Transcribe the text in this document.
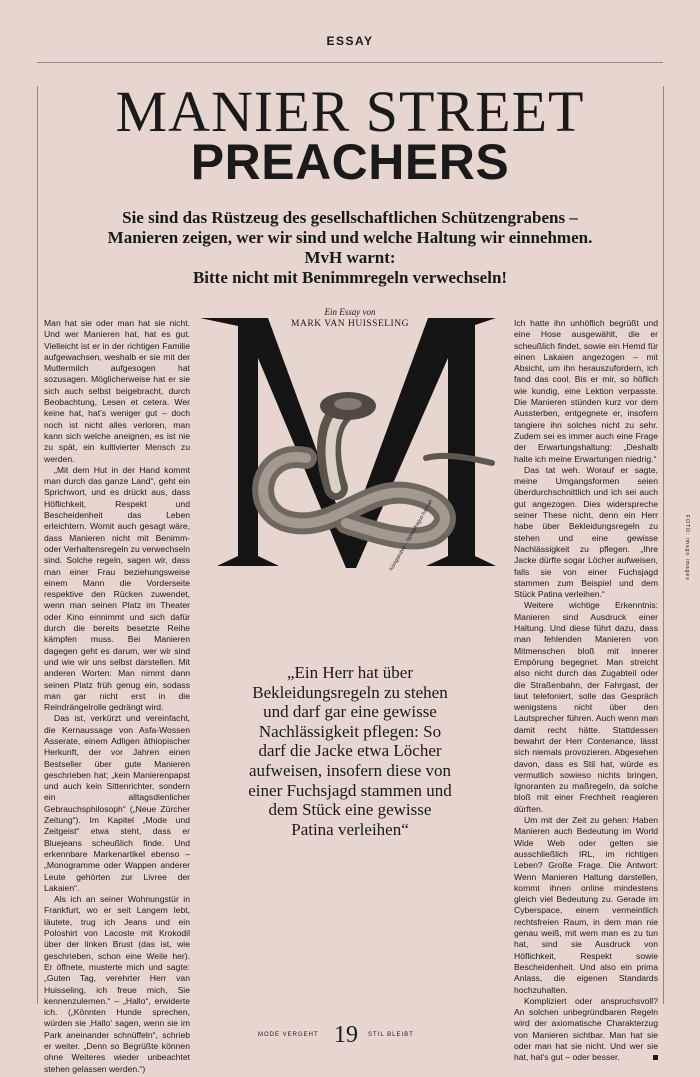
ESSAY
MANIER STREET
PREACHERS

Sie sind das Rüstzeug des gesellschaftlichen Schützengrabens –

Manieren zeigen, wer wir sind und welche Haltung wir einnehmen.

MvH warnt:

Bitte nicht mit Benimmregeln verwechseln!

Man hat sie oder man hat sie nicht. Und wer Manieren hat, hat es gut. Vielleicht ist er in der richtigen Familie aufgewachsen, weshalb er sie mit der Muttermilch aufgesogen hat sozusagen. Möglicherweise hat er sie sich auch selbst beigebracht, durch Beobachtung, Lesen et cetera. Wer keine hat, hat's weniger gut – doch noch ist nicht alles verloren, man kann sich welche aneignen, es ist nie zu spät, ein kultivierter Mensch zu werden.

„Mit dem Hut in der Hand kommt man durch das ganze Land“, geht ein Sprichwort, und es drückt aus, dass Höflichkeit, Respekt und Bescheidenheit das Leben erleichtern. Womit auch gesagt wäre, dass Manieren nicht mit Benimm- oder Verhaltensregeln zu verwechseln sind. Solche regeln, sagen wir, dass man einer Frau beziehungsweise einem Mann die Vorderseite respektive den Rücken zuwendet, wenn man seinen Platz im Theater oder Kino einnimmt und sich dafür durch die bereits besetzte Reihe kämpfen muss. Bei Manieren dagegen geht es darum, wer wir sind und wie wir uns selbst darstellen. Mit anderen Worten: Man nimmt dann seinen Platz früh genug ein, sodass man gar nicht erst in die Reindrängelrolle gedrängt wird.

Das ist, verkürzt und vereinfacht, die Kernaussage von Asfa-Wossen Asserate, einem Adligen äthiopischer Herkunft, der vor Jahren einen Bestseller über gute Manieren geschrieben hat; „kein Manierenpapst und auch kein Sittenrichter, sondern ein alltagsdienlicher Gebrauchsphilosoph“ („Neue Zürcher Zeitung“). Im Kapitel „Mode und Zeitgeist“ etwa steht, dass er Bluejeans scheußlich finde. Und erkennbare Markenartikel ebenso – „Monogramme oder Wappen anderer Leute gehörten zur Livree der Lakaien“.

Als ich an seiner Wohnungstür in Frankfurt, wo er seit Langem lebt, läutete, trug ich Jeans und ein Poloshirt von Lacoste mit Krokodil über der linken Brust (das ist, wie geschrieben, schon eine Weile her). Er öffnete, musterte mich und sagte: „Guten Tag, verehrter Herr van Huisseling, ich freue mich, Sie kennenzulernen.“ – „Hallo“, erwiderte ich. („Könnten Hunde sprechen, würden sie ‚Hallo‘ sagen, wenn sie im Park aneinander schnüffeln“, schrieb er weiter. „Denn so Begrüßte können ohne Weiteres wieder unbeachtet stehen gelassen werden.“)

Ein Essay von
MARK VAN HUISSELING
Königskobra – Ophiophagus hannah
„Ein Herr hat über Bekleidungsregeln zu stehen und darf gar eine gewisse Nachlässigkeit pflegen: So darf die Jacke etwa Löcher aufweisen, insofern diese von einer Fuchsjagd stammen und dem Stück eine gewisse Patina verleihen“

Ich hatte ihn unhöflich begrüßt und eine Hose ausgewählt, die er scheußlich findet, sowie ein Hemd für einen Lakaien angezogen – mit Absicht, um ihn herauszufordern, ich fand das cool. Bis er mir, so höflich wie kundig, eine Lektion verpasste. Die Manieren stünden kurz vor dem Aussterben, entgegnete er, insofern tangiere ihn solches nicht zu sehr. Zudem sei es immer auch eine Frage der Erwartungshaltung: „Deshalb halte ich meine Erwartungen niedrig.“

Das tat weh. Worauf er sagte, meine Umgangsformen seien überdurchschnittlich und ich sei auch gut angezogen. Dies widerspreche seiner These nicht, denn ein Herr habe über Bekleidungsregeln zu stehen und eine gewisse Nachlässigkeit zu pflegen. „Ihre Jacke dürfte sogar Löcher aufweisen, falls sie von einer Fuchsjagd stammen zum Beispiel und dem Stück Patina verleihen.“

Weitere wichtige Erkenntnis: Manieren sind Ausdruck einer Haltung. Und diese führt dazu, dass man fehlenden Manieren von Mitmenschen bloß mit innerer Empörung begegnet. Man streicht also nicht durch das Zugabteil oder die Straßenbahn, der Fahrgast, der laut telefoniert, solle das Gespräch wenigstens nicht über den Lautsprecher führen. Auch wenn man damit recht hätte. Stattdessen bewahrt der Herr Contenance, lässt sich niemals provozieren. Abgesehen davon, dass es Stil hat, würde es vermutlich sowieso nichts bringen, Ignoranten zu maßregeln, da solche bloß mit einer Frechheit reagieren dürften.

Um mit der Zeit zu gehen: Haben Manieren auch Bedeutung im World Wide Web oder gelten sie ausschließlich IRL, im richtigen Leben? Große Frage. Die Antwort: Wenn Manieren Haltung darstellen, kommt ihnen online mindestens gleich viel Bedeutung zu. Gerade im Cyberspace, einem vermeintlich rechtsfreien Raum, in dem man nie genau weiß, mit wem man es zu tun hat, sind sie Ausdruck von Höflichkeit, Respekt sowie Bescheidenheit. Und also ein prima Anlass, die eigenen Standards hochzuhalten.

Kompliziert oder anspruchsvoll? An solchen unbegründbaren Regeln wird der axiomatische Charakterzug von Manieren sichtbar. Man hat sie oder man hat sie nicht. Und wer sie hat, hat's gut – oder besser.

FOTO: imago images
MODE VERGEHT 19 STIL BLEIBT
